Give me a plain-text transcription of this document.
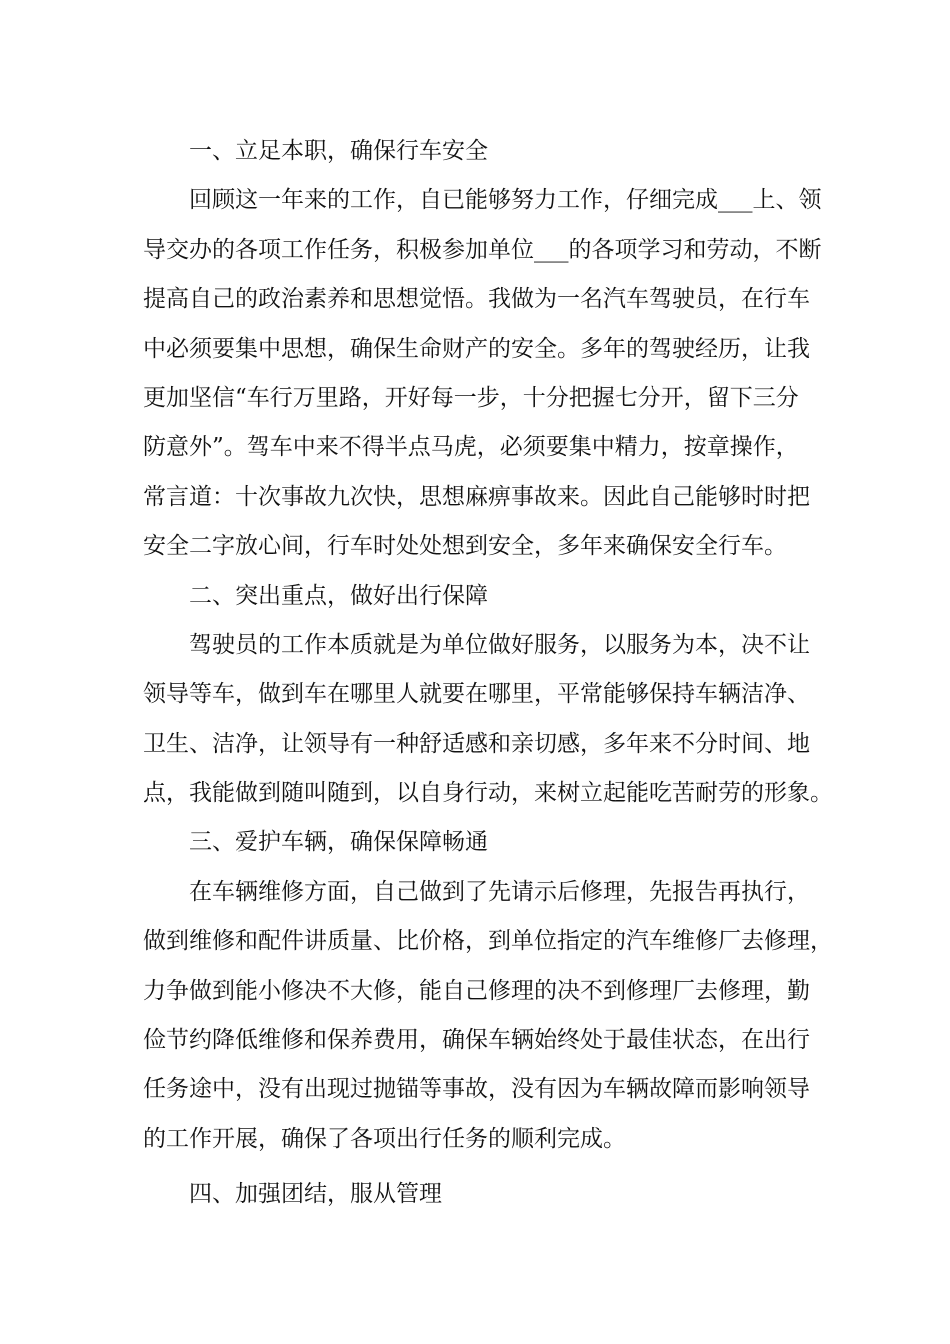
一、立足本职，确保行车安全
回顾这一年来的工作，自已能够努力工作，仔细完成___上、领
导交办的各项工作任务，积极参加单位___的各项学习和劳动，不断
提高自己的政治素养和思想觉悟。我做为一名汽车驾驶员，在行车
中必须要集中思想，确保生命财产的安全。多年的驾驶经历，让我
更加坚信“车行万里路，开好每一步，十分把握七分开，留下三分
防意外”。驾车中来不得半点马虎，必须要集中精力，按章操作，
常言道：十次事故九次快，思想麻痹事故来。因此自己能够时时把
安全二字放心间，行车时处处想到安全，多年来确保安全行车。
二、突出重点，做好出行保障
驾驶员的工作本质就是为单位做好服务，以服务为本，决不让
领导等车，做到车在哪里人就要在哪里，平常能够保持车辆洁净、
卫生、洁净，让领导有一种舒适感和亲切感，多年来不分时间、地
点，我能做到随叫随到，以自身行动，来树立起能吃苦耐劳的形象。
三、爱护车辆，确保保障畅通
在车辆维修方面，自己做到了先请示后修理，先报告再执行，
做到维修和配件讲质量、比价格，到单位指定的汽车维修厂去修理，
力争做到能小修决不大修，能自己修理的决不到修理厂去修理，勤
俭节约降低维修和保养费用，确保车辆始终处于最佳状态，在出行
任务途中，没有出现过抛锚等事故，没有因为车辆故障而影响领导
的工作开展，确保了各项出行任务的顺利完成。
四、加强团结，服从管理
